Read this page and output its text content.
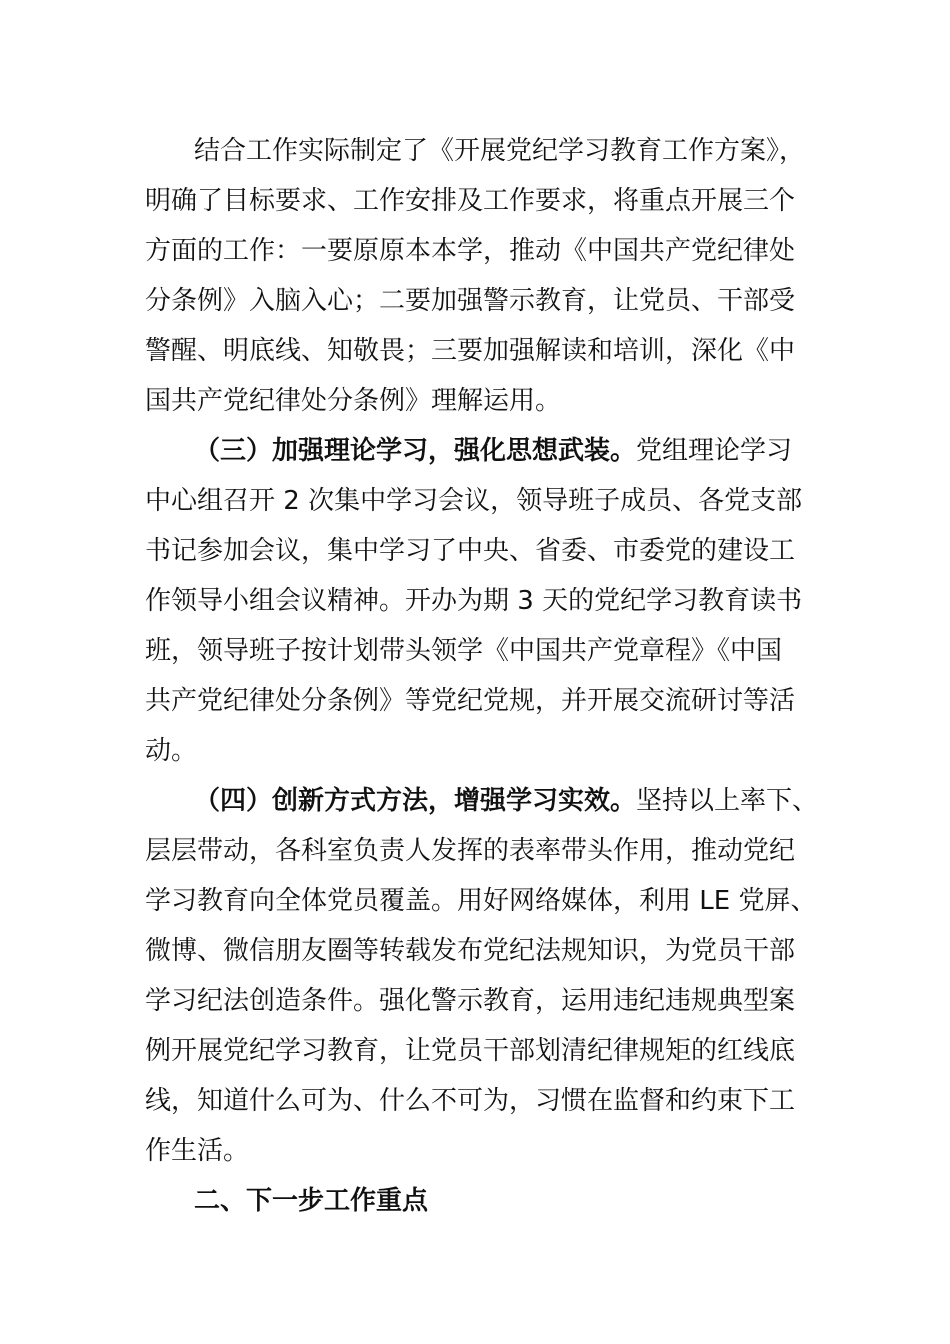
结合工作实际制定了《开展党纪学习教育工作方案》，
明确了目标要求、工作安排及工作要求，将重点开展三个
方面的工作：一要原原本本学，推动《中国共产党纪律处
分条例》入脑入心；二要加强警示教育，让党员、干部受
警醒、明底线、知敬畏；三要加强解读和培训，深化《中
国共产党纪律处分条例》理解运用。
（三）加强理论学习，强化思想武装。党组理论学习
中心组召开 2 次集中学习会议，领导班子成员、各党支部
书记参加会议，集中学习了中央、省委、市委党的建设工
作领导小组会议精神。开办为期 3 天的党纪学习教育读书
班，领导班子按计划带头领学《中国共产党章程》《中国
共产党纪律处分条例》等党纪党规，并开展交流研讨等活
动。
（四）创新方式方法，增强学习实效。坚持以上率下、
层层带动，各科室负责人发挥的表率带头作用，推动党纪
学习教育向全体党员覆盖。用好网络媒体，利用 LE 党屏、
微博、微信朋友圈等转载发布党纪法规知识，为党员干部
学习纪法创造条件。强化警示教育，运用违纪违规典型案
例开展党纪学习教育，让党员干部划清纪律规矩的红线底
线，知道什么可为、什么不可为，习惯在监督和约束下工
作生活。
二、下一步工作重点
